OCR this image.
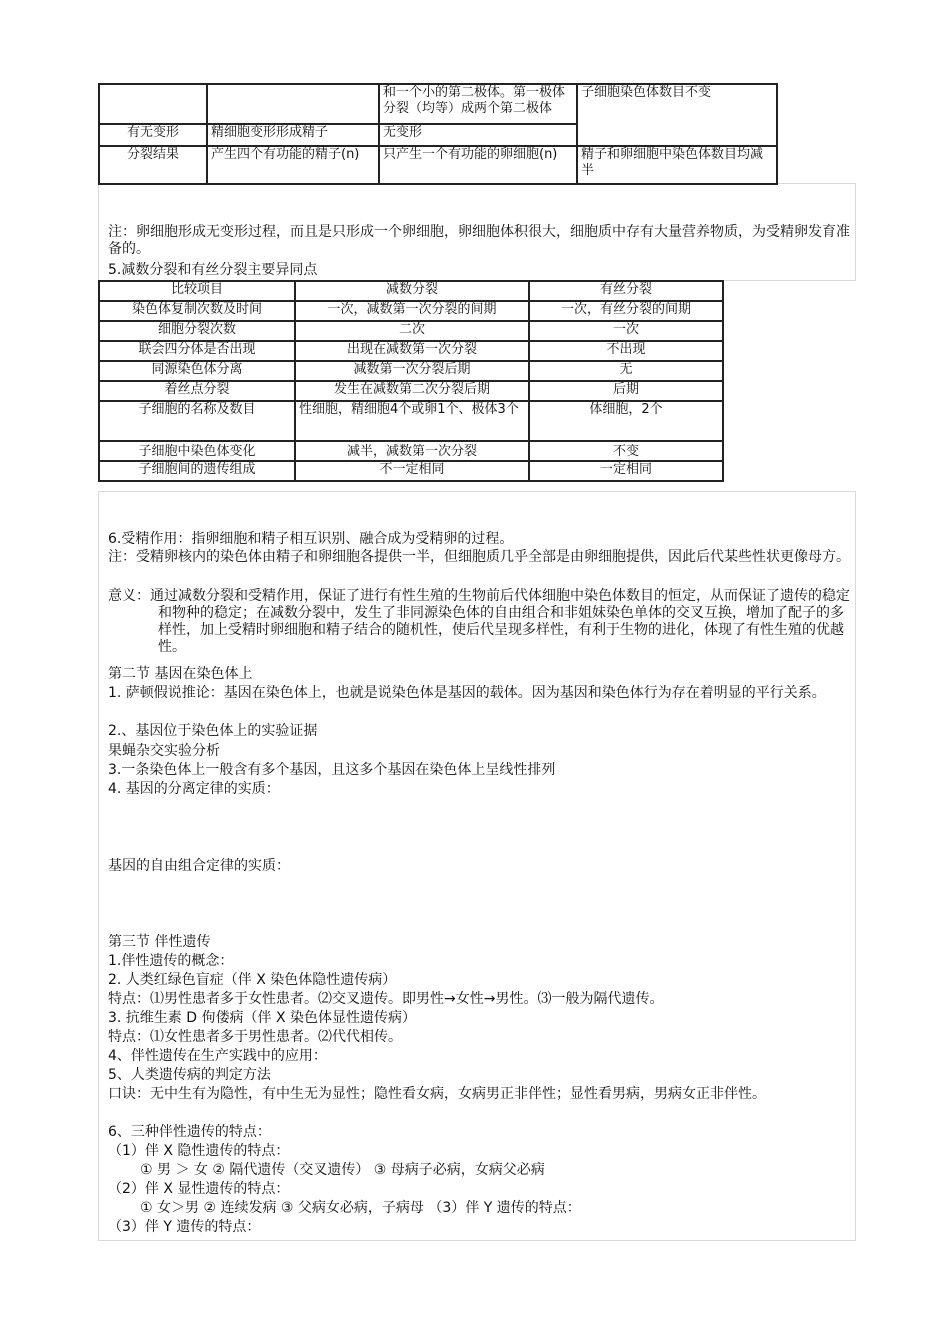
		和一个小的第二极体。第一极体分裂（均等）成两个第二极体	子细胞染色体数目不变
有无变形	精细胞变形形成精子	无变形	
分裂结果	产生四个有功能的精子(n)	只产生一个有功能的卵细胞(n)	精子和卵细胞中染色体数目均减半

注：卵细胞形成无变形过程，而且是只形成一个卵细胞，卵细胞体积很大，细胞质中存有大量营养物质，为受精卵发育准备的。

5.减数分裂和有丝分裂主要异同点

比较项目	减数分裂	有丝分裂
染色体复制次数及时间	一次，减数第一次分裂的间期	一次，有丝分裂的间期
细胞分裂次数	二次	一次
联会四分体是否出现	出现在减数第一次分裂	不出现
同源染色体分离	减数第一次分裂后期	无
着丝点分裂	发生在减数第二次分裂后期	后期
子细胞的名称及数目	性细胞，精细胞4个或卵1个、极体3个	体细胞，2个
子细胞中染色体变化	减半，减数第一次分裂	不变
子细胞间的遗传组成	不一定相同	一定相同

6.受精作用：指卵细胞和精子相互识别、融合成为受精卵的过程。

注：受精卵核内的染色体由精子和卵细胞各提供一半，但细胞质几乎全部是由卵细胞提供，因此后代某些性状更像母方。

意义：通过减数分裂和受精作用，保证了进行有性生殖的生物前后代体细胞中染色体数目的恒定，从而保证了遗传的稳定和物种的稳定；在减数分裂中，发生了非同源染色体的自由组合和非姐妹染色单体的交叉互换，增加了配子的多样性，加上受精时卵细胞和精子结合的随机性，使后代呈现多样性，有利于生物的进化，体现了有性生殖的优越性。

第二节 基因在染色体上

1. 萨顿假说推论：基因在染色体上，也就是说染色体是基因的载体。因为基因和染色体行为存在着明显的平行关系。

2.、基因位于染色体上的实验证据

果蝇杂交实验分析

3.一条染色体上一般含有多个基因，且这多个基因在染色体上呈线性排列

4. 基因的分离定律的实质：

基因的自由组合定律的实质：

第三节 伴性遗传

1.伴性遗传的概念：

2. 人类红绿色盲症（伴 X 染色体隐性遗传病）

特点：⑴男性患者多于女性患者。⑵交叉遗传。即男性→女性→男性。⑶一般为隔代遗传。

3. 抗维生素 D 佝偻病（伴 X 染色体显性遗传病）

特点：⑴女性患者多于男性患者。⑵代代相传。

4、伴性遗传在生产实践中的应用：

5、人类遗传病的判定方法

口诀：无中生有为隐性，有中生无为显性；隐性看女病，女病男正非伴性；显性看男病，男病女正非伴性。

6、三种伴性遗传的特点：

（1）伴 X 隐性遗传的特点：

① 男 ＞ 女 ② 隔代遗传（交叉遗传） ③ 母病子必病，女病父必病

（2）伴 X 显性遗传的特点：

① 女＞男 ② 连续发病 ③ 父病女必病，子病母 （3）伴 Y 遗传的特点：

（3）伴 Y 遗传的特点：
